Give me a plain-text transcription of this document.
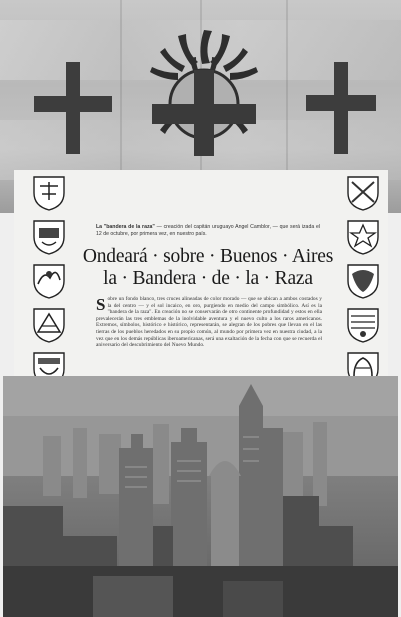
La "bandera de la raza" — creación del capitán uruguayo Angel Camblor, — que será izada el 12 de octubre, por primera vez, en nuestro país.
Ondeará · sobre · Buenos · Aires
la · Bandera · de · la · Raza
Sobre un fondo blanco, tres cruces alineadas de color morado — que se ubican a ambos costados y la del centro — y el sol incaico, en oro, purgiendo en medio del campo simbólico. Así es la "bandera de la raza". En creación no se conservarán de otro continente profundidad y estos en ella prevalecerán las tres emblemas de la inolvidable aventura y el nuevo culto a los raros americanos. Extremos, símbolos, histórico e histórico, representarán, se alegran de los pobres que llevan en el las tierras de los pueblos heredados en su propio común, al mundo por primera vez en nuestra ciudad, a la vez que en los demás repúblicas iberoamericanas, será una exaltación de la fecha con que se recuerda el aniversario del descubrimiento del Nuevo Mundo.
